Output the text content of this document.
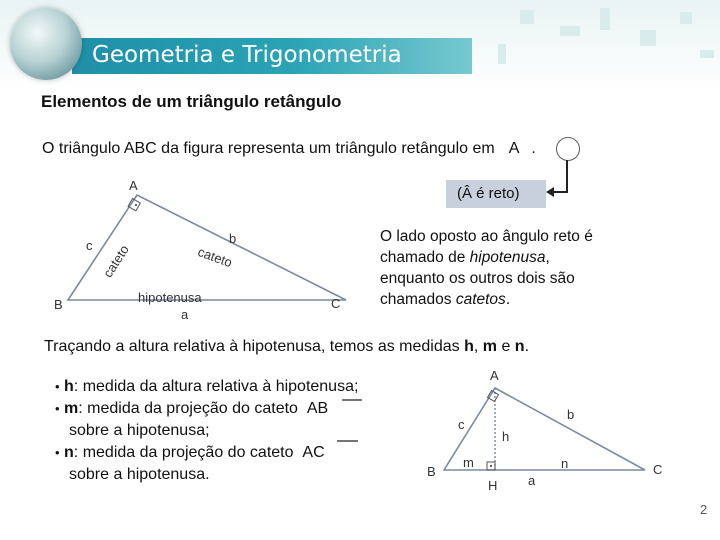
Geometria e Trigonometria
Elementos de um triângulo retângulo
O triângulo ABC da figura representa um triângulo retângulo em A .
(Â é reto)
A
B	C
c	b
a
hipotenusa
cateto	cateto
O lado oposto ao ângulo reto é
chamado de hipotenusa,
enquanto os outros dois são
chamados catetos.
Traçando a altura relativa à hipotenusa, temos as medidas h, m e n.
• h: medida da altura relativa à hipotenusa;
• m: medida da projeção do cateto AB
sobre a hipotenusa;
• n: medida da projeção do cateto AC
sobre a hipotenusa.
A
B	C
H
c
b
h
m	n
a
2
